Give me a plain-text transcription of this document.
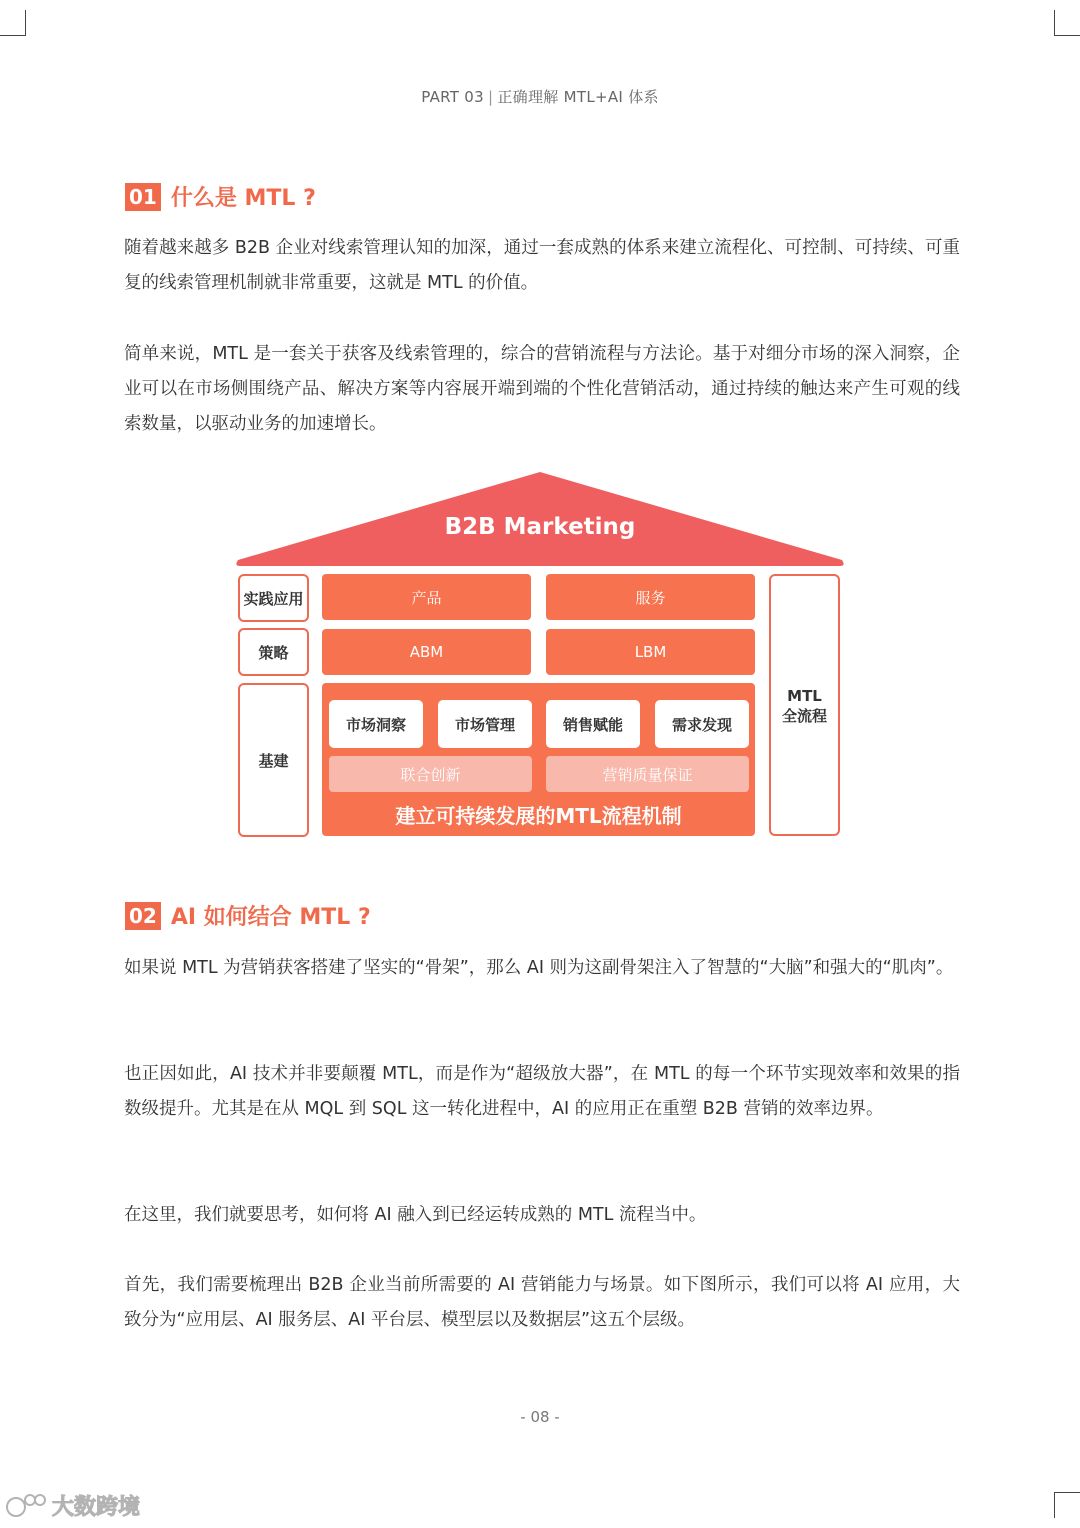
PART 03 | 正确理解 MTL+AI 体系
01 什么是 MTL ?

随着越来越多 B2B 企业对线索管理认知的加深，通过一套成熟的体系来建立流程化、可控制、可持续、可重复的线索管理机制就非常重要，这就是 MTL 的价值。

简单来说，MTL 是一套关于获客及线索管理的，综合的营销流程与方法论。基于对细分市场的深入洞察，企业可以在市场侧围绕产品、解决方案等内容展开端到端的个性化营销活动，通过持续的触达来产生可观的线索数量，以驱动业务的加速增长。

B2B Marketing
实践应用
策略
基建
产品	服务
ABM	LBM
市场洞察	市场管理	销售赋能	需求发现
联合创新	营销质量保证
建立可持续发展的MTL流程机制
MTL
全流程
02 AI 如何结合 MTL ?

如果说 MTL 为营销获客搭建了坚实的“骨架”，那么 AI 则为这副骨架注入了智慧的“大脑”和强大的“肌肉”。

也正因如此，AI 技术并非要颠覆 MTL，而是作为“超级放大器”，在 MTL 的每一个环节实现效率和效果的指数级提升。尤其是在从 MQL 到 SQL 这一转化进程中，AI 的应用正在重塑 B2B 营销的效率边界。

在这里，我们就要思考，如何将 AI 融入到已经运转成熟的 MTL 流程当中。

首先，我们需要梳理出 B2B 企业当前所需要的 AI 营销能力与场景。如下图所示，我们可以将 AI 应用，大致分为“应用层、AI 服务层、AI 平台层、模型层以及数据层”这五个层级。

- 08 -
大数跨境
